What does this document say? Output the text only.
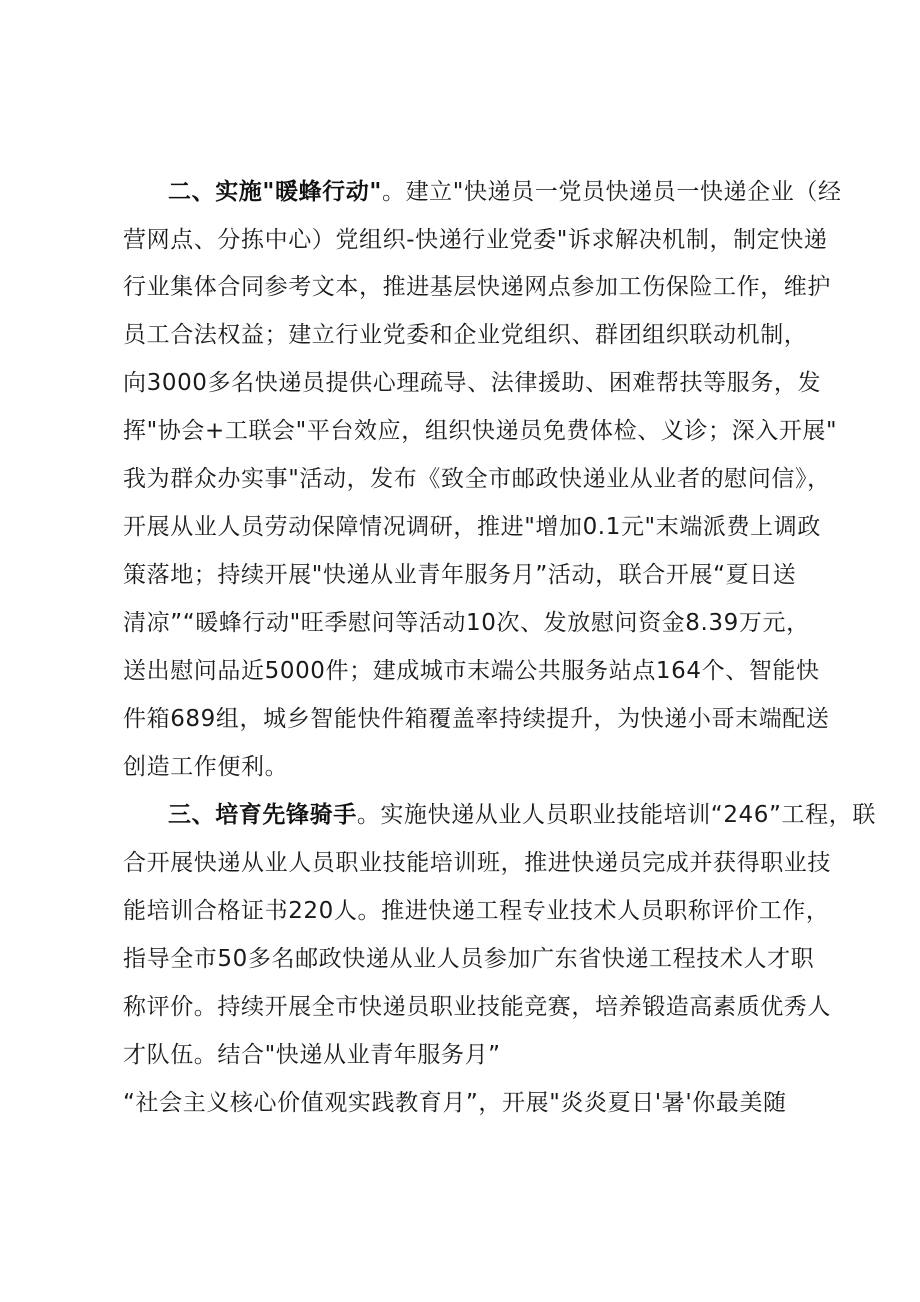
二、实施"暖蜂行动"。建立"快递员一党员快递员一快递企业（经
营网点、分拣中心）党组织-快递行业党委"诉求解决机制，制定快递
行业集体合同参考文本，推进基层快递网点参加工伤保险工作，维护
员工合法权益；建立行业党委和企业党组织、群团组织联动机制，
向3000多名快递员提供心理疏导、法律援助、困难帮扶等服务，发
挥"协会+工联会"平台效应，组织快递员免费体检、义诊；深入开展"
我为群众办实事"活动，发布《致全市邮政快递业从业者的慰问信》，
开展从业人员劳动保障情况调研，推进"增加0.1元"末端派费上调政
策落地；持续开展"快递从业青年服务月”活动，联合开展“夏日送
清凉”“暖蜂行动"旺季慰问等活动10次、发放慰问资金8.39万元，
送出慰问品近5000件；建成城市末端公共服务站点164个、智能快
件箱689组，城乡智能快件箱覆盖率持续提升，为快递小哥末端配送
创造工作便利。
三、培育先锋骑手。实施快递从业人员职业技能培训“246”工程，联
合开展快递从业人员职业技能培训班，推进快递员完成并获得职业技
能培训合格证书220人。推进快递工程专业技术人员职称评价工作，
指导全市50多名邮政快递从业人员参加广东省快递工程技术人才职
称评价。持续开展全市快递员职业技能竞赛，培养锻造高素质优秀人
才队伍。结合"快递从业青年服务月”
“社会主义核心价值观实践教育月”，开展"炎炎夏日'暑'你最美随
